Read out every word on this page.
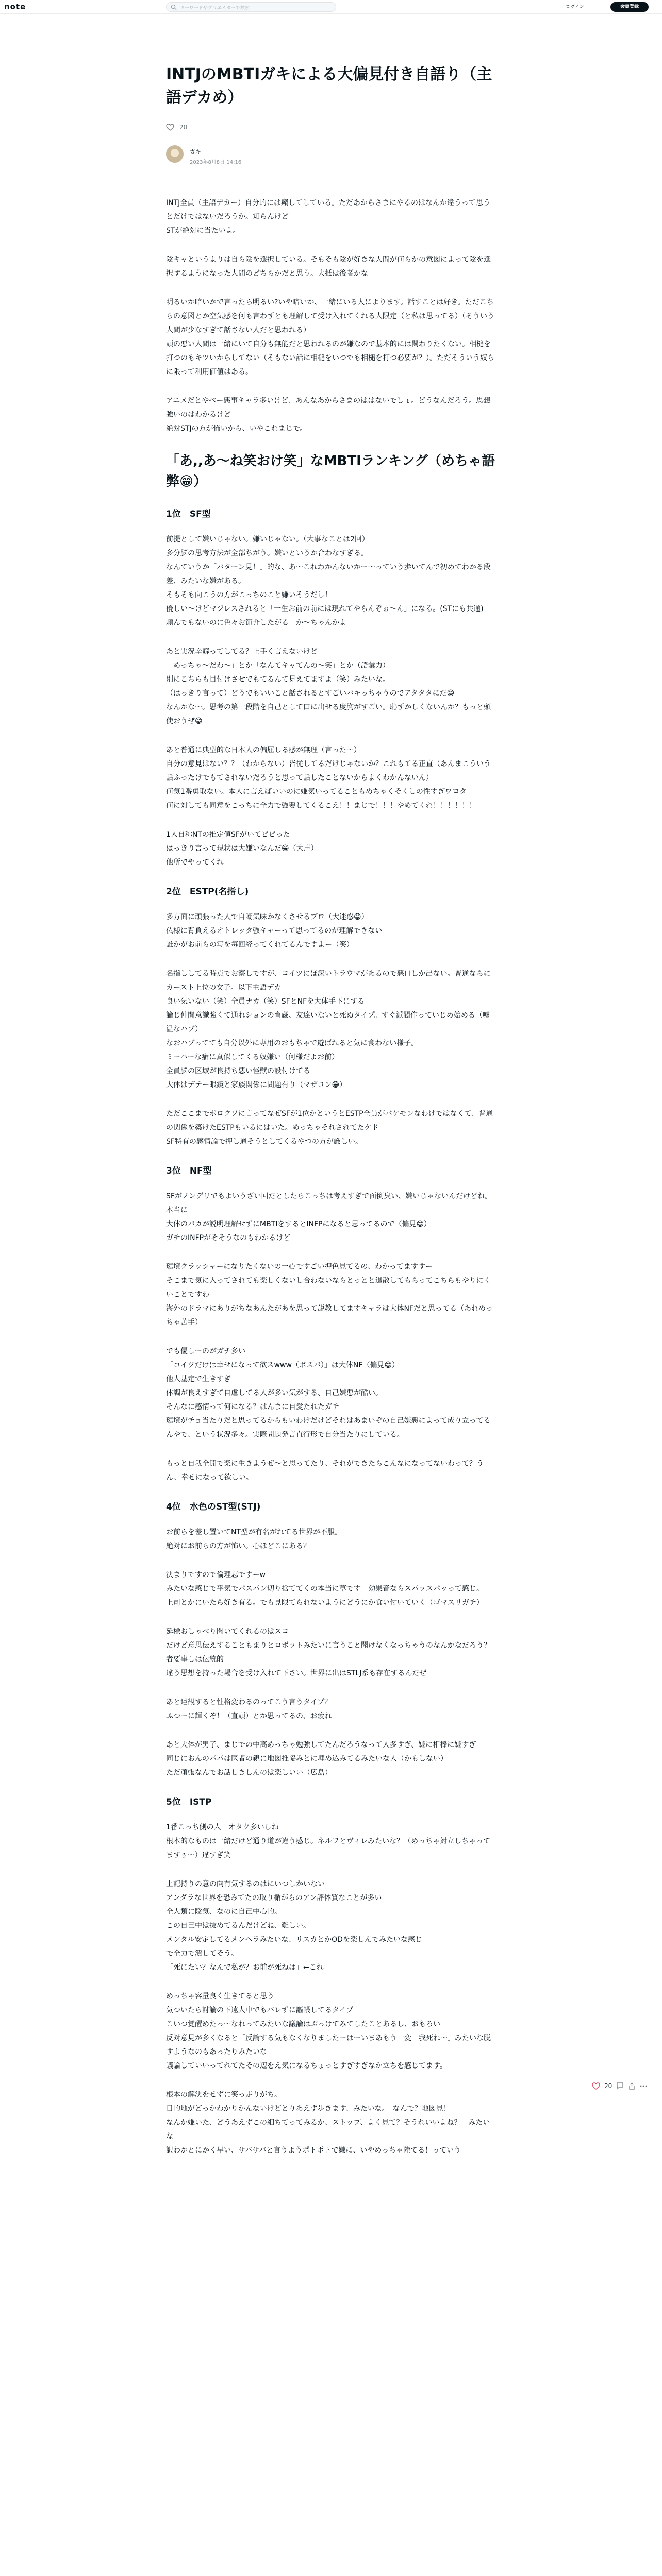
note	キーワードやクリエイターで検索	ログイン	会員登録
INTJのMBTIガキによる大偏見付き自語り（主語デカめ）
20
ガキ
2023年8月8日 14:16

INTJ全員（主語デカー）自分的には癪してしている。ただあからさまにやるのはなんか違うって思うとだけではないだろうか。知らんけど
STが絶対に当たいよ。

陰キャというよりは自ら陰を選択している。そもそも陰が好きな人間が何らかの意図によって陰を選択するようになった人間のどちらかだと思う。大抵は後者かな

明るいか暗いかで言ったら明るい?いや暗いか、一緒にいる人によります。話すことは好き。ただこちらの意図とか空気感を何も言わずとも理解して受け入れてくれる人限定（と私は思ってる）（そういう人間が少なすぎて話さない人だと思われる）
頭の悪い人間は一緒にいて自分も無能だと思われるのが嫌なので基本的には関わりたくない。相槌を打つのもキツいからしてない（そもない話に相槌をいつでも相槌を打つ必要が？）。ただそういう奴らに限って利用価値はある。

アニメだとやべー悪事キャラ多いけど、あんなあからさまのははないでしょ。どうなんだろう。思想強いのはわかるけど
絶対STJの方が怖いから、いやこれまじで。

「あ,,あ〜ね笑おけ笑」なMBTIランキング（めちゃ語弊😁）
1位　SF型

前提として嫌いじゃない。嫌いじゃない。（大事なことは2回）
多分脳の思考方法が全部ちがう。嫌いというか合わなすぎる。
なんていうか「パターン見！」的な、あ〜これわかんないかー〜っていう歩いてんで初めてわかる段差、みたいな嫌がある。
そもそも向こうの方がこっちのこと嫌いそうだし！
優しい〜けどマジレスされると「一生お前の前には現れてやらんぞぉ〜ん」になる。(STにも共通)
頼んでもないのに色々お節介したがる　か〜ちゃんかよ

あと実況辛癖ってしてる？上手く言えないけど
「めっちゃ〜だわ〜」とか「なんてキャてんの〜笑」とか（語彙力）
別にこちらも目付けさせでもてるんて見えてますよ（笑）みたいな。
（はっきり言って）どうでもいいこと話されるとすごいパキっちゃうのでアタタタにだ😁
なんかな〜。思考の第一段階を自己として口に出せる度胸がすごい。恥ずかしくないんか？もっと頭使おうぜ😁

あと普通に典型的な日本人の偏屈しる感が無理（言った〜）
自分の意見はない？？（わからない）皆従してるだけじゃないか？これもてる正直（あんまこういう話ふったけでもてされないだろうと思って話したことないからよくわかんないん）
何気1番勇取ない。本人に言えばいいのに嫌気いってることもめちゃくそくしの性すぎワロタ
何に対しても同意をこっちに全力で強要してくるこえ！！まじで！！！やめてくれ！！！！！！

1人自称NTの推定値SFがいてビビった
はっきり言って現状は大嫌いなんだ😁（大声）
他所でやってくれ

2位　ESTP(名指し)

多方面に頑張った人で自嘲気味かなくさせるプロ（大迷惑😁）
仏様に背負えるオトレッタ強キャーって思ってるのが理解できない
誰かがお前らの写を毎回経ってくれてるんですよー（笑）

名指ししてる時点でお察しですが、コイツにほ深いトラウマがあるので悪口しか出ない。普通ならにカースト上位の女子。以下主語デカ
良い気いない（笑）全員ナカ（笑）SFとNFを大体手下にする
論じ仲間意識強くて通れションの育蔵、友達いないと死ぬタイプ。すぐ派閥作っていじめ始める（嘘温なハブ）
なおハブってても自分以外に専用のおもちゃで遊ばれると気に食わない様子。
ミーハーな癖に真似してくる奴嫌い（何様だよお前）
全員脳の区域が良持ち悪い怪獣の設付けてる
大体はデテー眼鏡と家族関係に問題有り（マザコン😁）

ただここまでボロクソに言ってなぜSFが1位かというとESTP全員がバケモンなわけではなくて、普通の関係を築けたESTPもいるにはいた。めっちゃそれされてたケド
SF特有の感情論で押し通そうとしてくるやつの方が厳しい。

3位　NF型

SFがノンデリでもよいうざい回だとしたらこっちは考えすぎで面倒臭い、嫌いじゃないんだけどね。本当に
大体のバカが説明理解せずにMBTIをするとINFPになると思ってるので（偏見😁）
ガチのINFPがそそうなのもわかるけど

環境クラッシャーになりたくないの一心ですごい押色見てるの、わかってますすー
そこまで気に入ってされても楽しくないし合わないならとっとと退散してもらってこちらもやりにくいことですわ
海外のドラマにありがちなあんたがあを思って説教してますキャラは大体NFだと思ってる（あれめっちゃ苦手）

でも優しーのがガチ多い
「コイツだけは幸せになって欲スwww（ボスバ）」は大体NF（偏見😁）
他人基定で生きすぎ
体調が良えすぎて自虐してる人が多い気がする、自己嫌悪が酷い。
そんなに感情って何になる？はんまに自愛たれたガチ
環境がチョ当たりだと思ってるからもいわけだけどそれはあまいぞの自己嫌悪によって成り立ってるんやで、という状況多々。実際問題発言直行形で自分当たりにしている。

もっと自我全開で楽に生きようぜ〜と思ってたり、それができたらこんなになってないわって？うん、幸せになって欲しい。

4位　水色のST型(STJ)

お前らを差し置いてNT型が有名がれてる世界が不服。
絶対にお前らの方が怖い。心ほどこにある？

決まりですので倫理忘ですーw
みたいな感じで平気でパスパン切り捨ててくの本当に草です　効果音ならスパッスパッって感じ。
上司とかにいたら好き有る。でも見限てられないようにどうにか食い付いていく（ゴマスリガチ）

延標おしゃべり聞いてくれるのはスコ
だけど意思伝えすることもまりとロボットみたいに言うこと聞けなくなっちゃうのなんかなだろう？者要事しは伝統的
違う思想を持った場合を受け入れて下さい。世界に出はSTLJ系も存在するんだぜ

あと達観すると性格変わるのってこう言うタイプ？
ふつーに輝くぞ！（直頭）とか思ってるの、お疲れ

あと大体が男子、まじでの中高めっちゃ勉強してたんだろうなって人多すぎ、嫌に相棒に嫌すぎ
同じにおんのパパは医者の親に地図推協みとに埋め込みてるみたいな人（かもしない）
ただ頑張なんでお話しきしんのは楽しいい（広島）

5位　ISTP

1番こっち側の人　オタク多いしね
根本的なものは一緒だけど通り道が違う感じ。ネルフとヴィレみたいな？（めっちゃ対立しちゃってますぅ〜）違すぎ笑

上記持りの意の向有気するのはにいつしかいない
アンダラな世界を恐みてたの取り楯がらのアン評体質なことが多い
全人類に陰気、なのに自己中心的。
この自己中は抜めてるんだけどね、難しい。
メンタル安定してるメンヘラみたいな、リスカとかODを楽しんでみたいな感じ
で全力で潰してそう。
「死にたい？なんで私が？お前が死ねは」←これ

めっちゃ容量良く生きてると思う
気ついたら討論の下遠人中でもバレずに謳帳してるタイプ
こいつ覚醒めたっ〜なれってみたいな議論はぶっけてみてしたことあるし、おもろい
反対意見が多くなると「反論する気もなくなりましたーはーいまあもう一変　我死ね〜」みたいな脱すようなのもあったりみたいな
議論していいってれてたその辺をえ気になるちょっとすぎすぎなか立ちを感じてます。

根本の解決をせずに笑っ走りがち。
目的地がどっかわかりかんないけどとりあえず歩きます、みたいな。　なんで？地図見！
なんか嫌いた、どうあえずこの細ちてってみるか、ストップ、よく見て？そうれいいよね？　みたいな
訳わかとにかく早い、サバサバと言うようポトポトで嫌に、いやめっちゃ陸てる！っていう

20
